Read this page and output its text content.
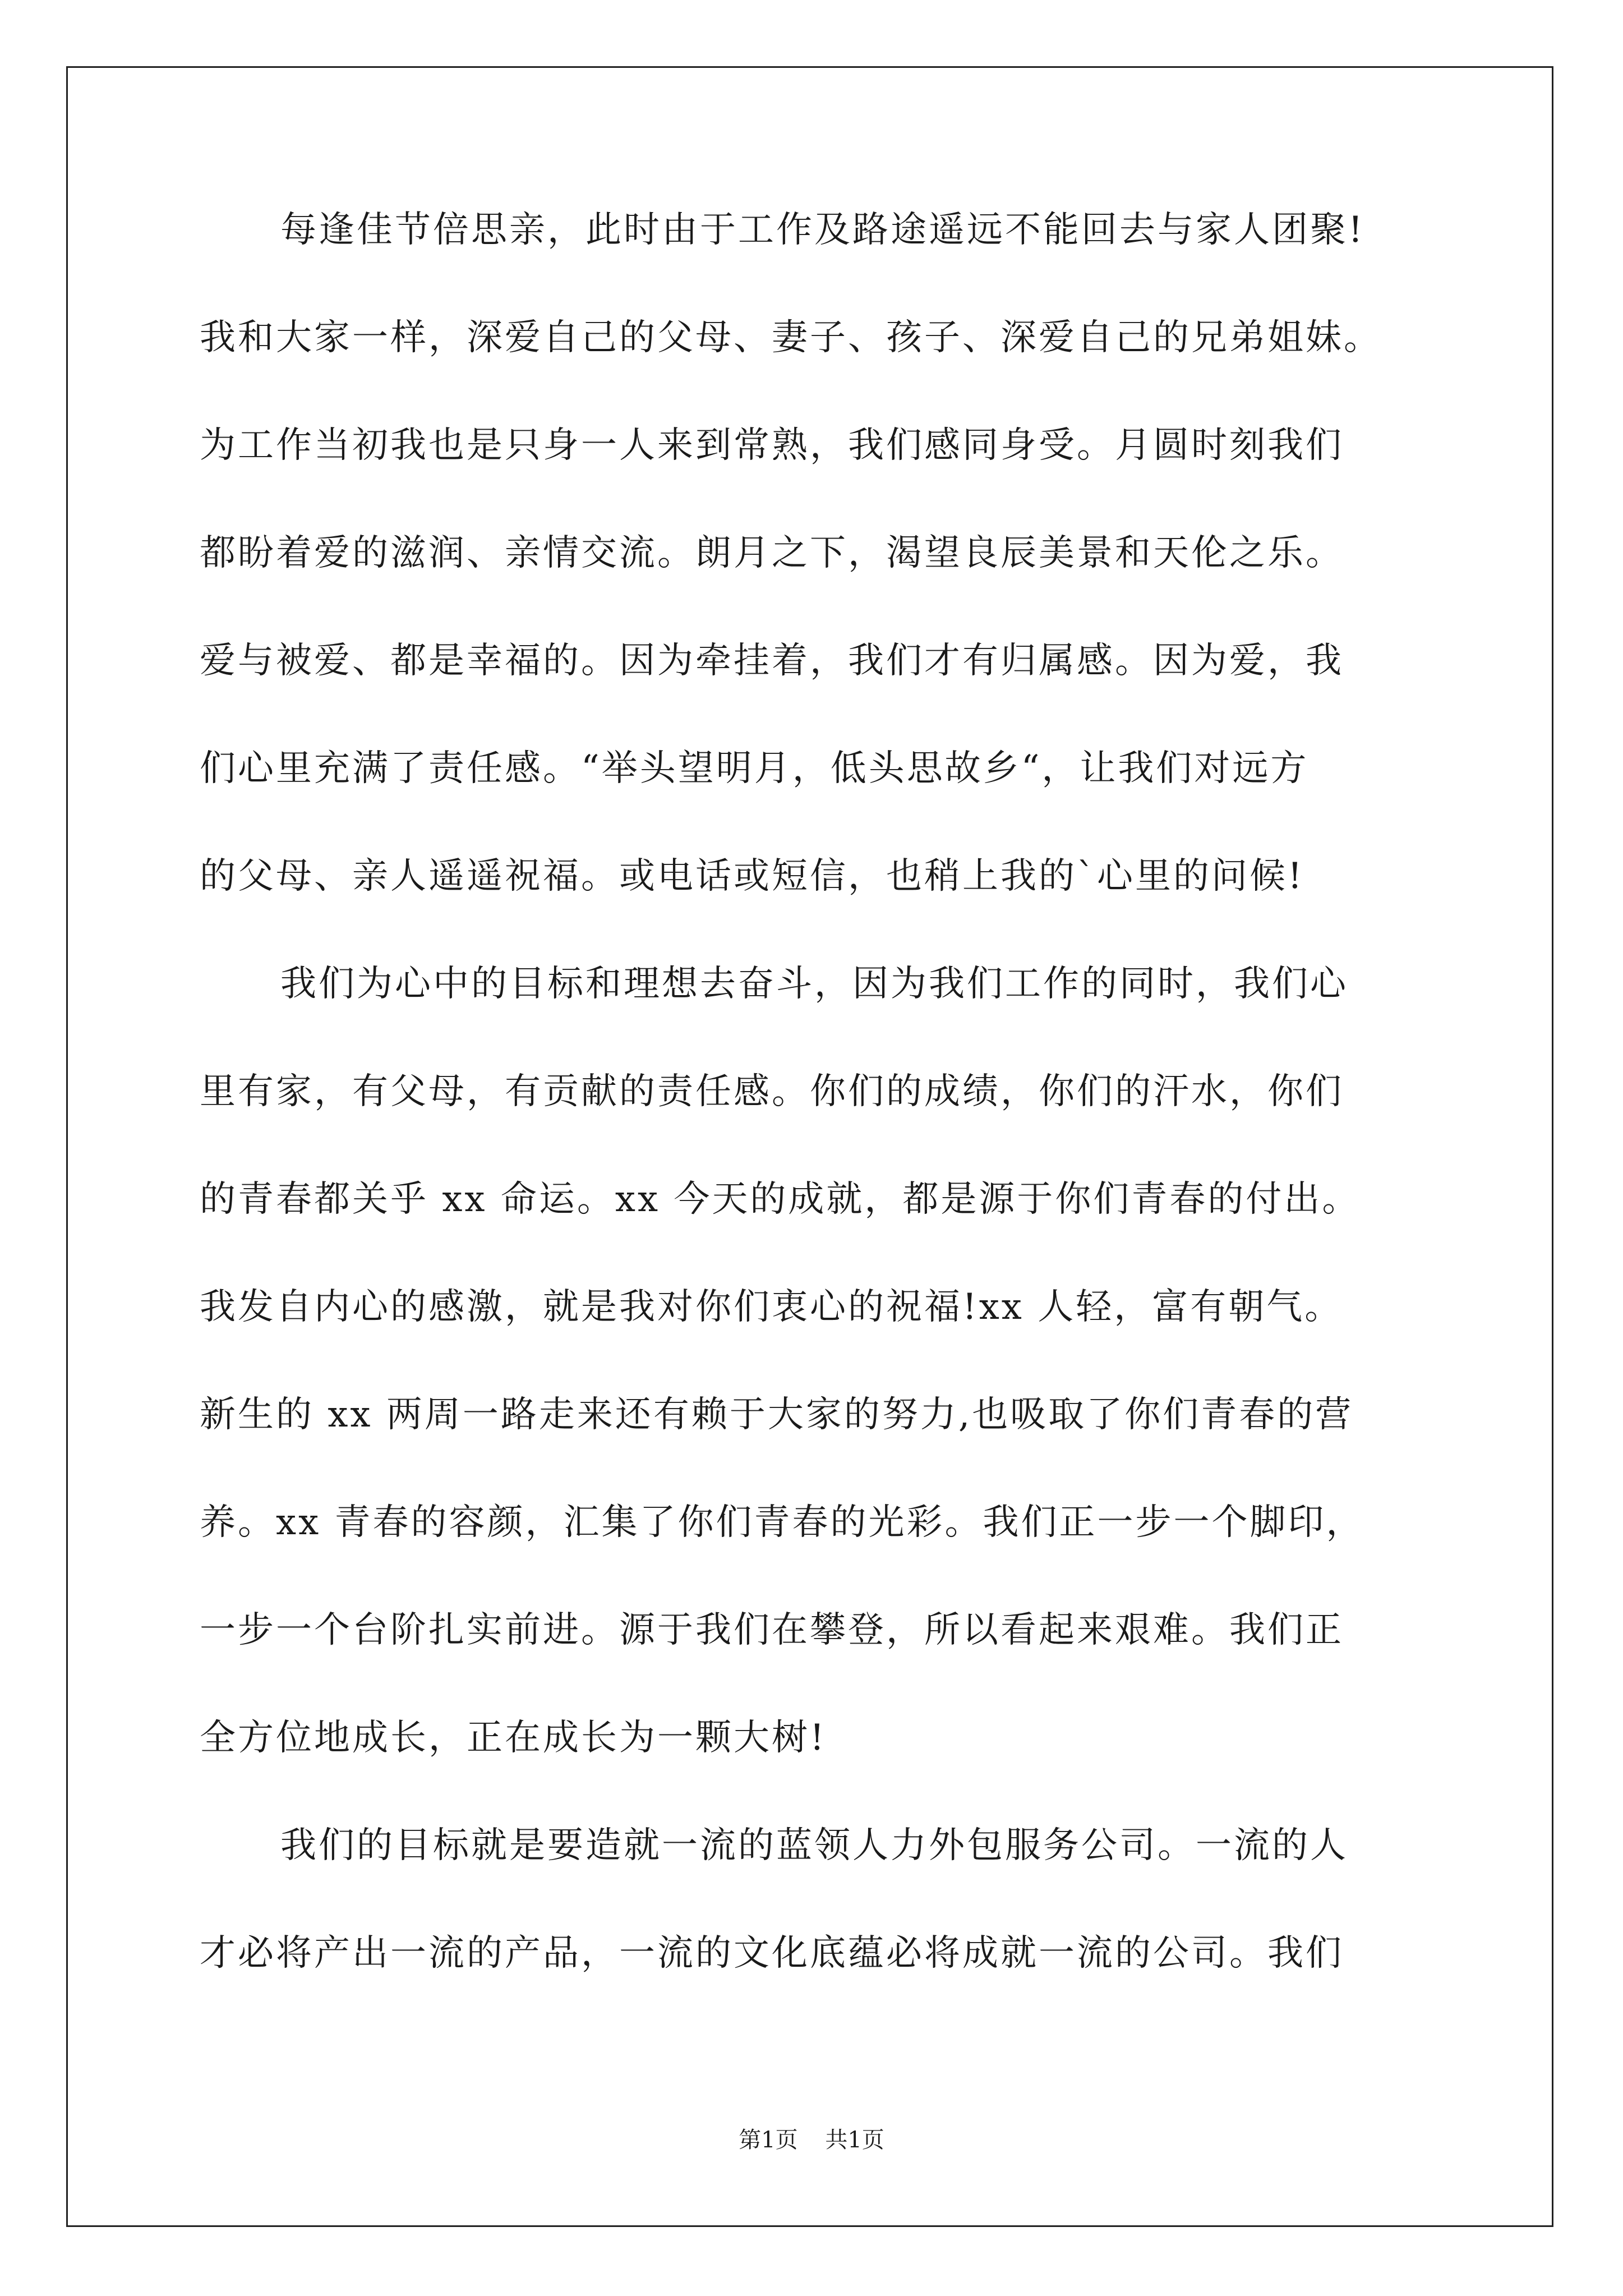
每逢佳节倍思亲，此时由于工作及路途遥远不能回去与家人团聚!
我和大家一样，深爱自己的父母、妻子、孩子、深爱自己的兄弟姐妹。
为工作当初我也是只身一人来到常熟，我们感同身受。月圆时刻我们
都盼着爱的滋润、亲情交流。朗月之下，渴望良辰美景和天伦之乐。
爱与被爱、都是幸福的。因为牵挂着，我们才有归属感。因为爱，我
们心里充满了责任感。“举头望明月，低头思故乡“，让我们对远方
的父母、亲人遥遥祝福。或电话或短信，也稍上我的`心里的问候!
我们为心中的目标和理想去奋斗，因为我们工作的同时，我们心
里有家，有父母，有贡献的责任感。你们的成绩，你们的汗水，你们
的青春都关乎 xx 命运。xx 今天的成就，都是源于你们青春的付出。
我发自内心的感激，就是我对你们衷心的祝福!xx 人轻，富有朝气。
新生的 xx 两周一路走来还有赖于大家的努力,也吸取了你们青春的营
养。xx 青春的容颜，汇集了你们青春的光彩。我们正一步一个脚印，
一步一个台阶扎实前进。源于我们在攀登，所以看起来艰难。我们正
全方位地成长，正在成长为一颗大树!
我们的目标就是要造就一流的蓝领人力外包服务公司。一流的人
才必将产出一流的产品，一流的文化底蕴必将成就一流的公司。我们
第1页 共1页
